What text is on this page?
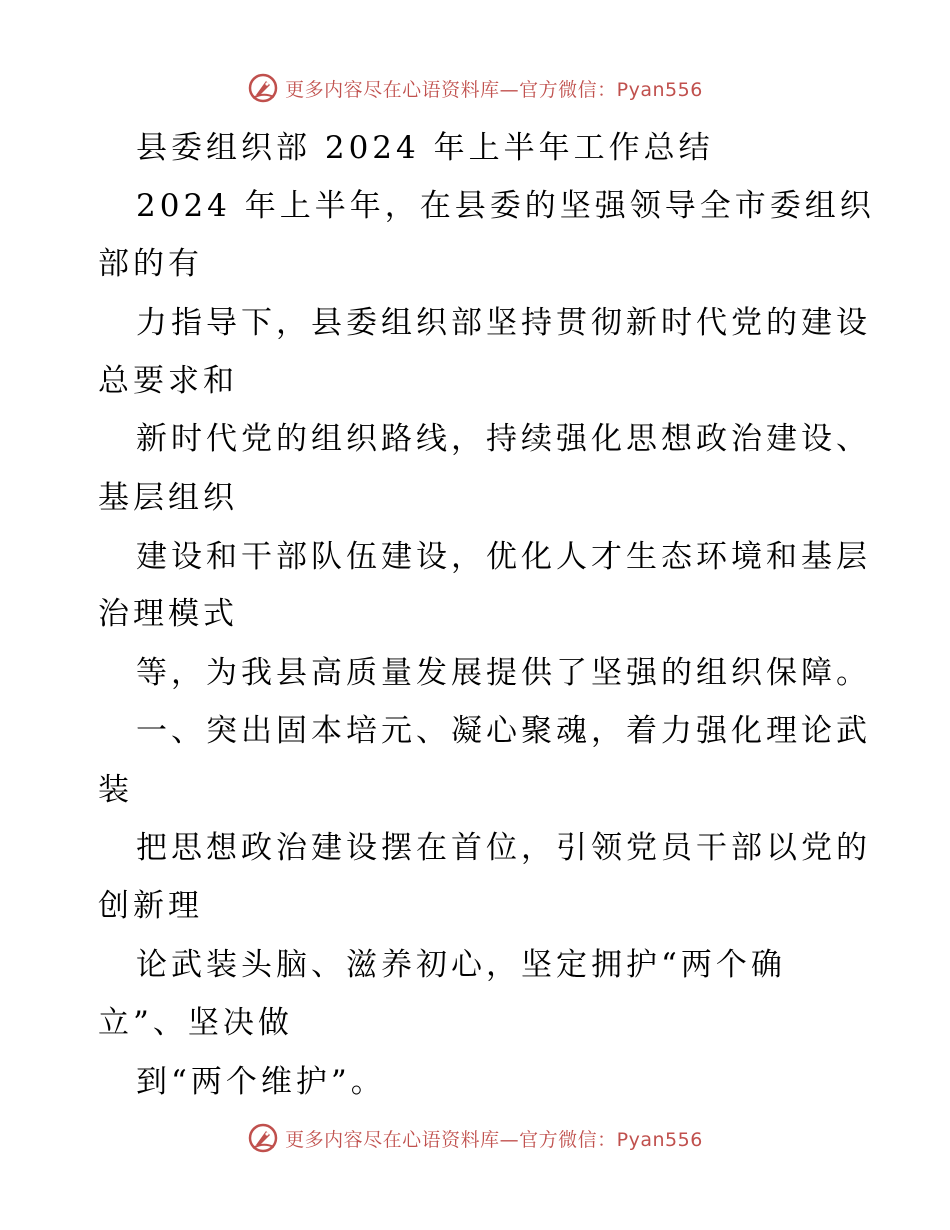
更多内容尽在心语资料库—官方微信：Pyan556
县委组织部 2024 年上半年工作总结
2024 年上半年，在县委的坚强领导全市委组织
部的有
力指导下，县委组织部坚持贯彻新时代党的建设
总要求和
新时代党的组织路线，持续强化思想政治建设、
基层组织
建设和干部队伍建设，优化人才生态环境和基层
治理模式
等，为我县高质量发展提供了坚强的组织保障。
一、突出固本培元、凝心聚魂，着力强化理论武
装
把思想政治建设摆在首位，引领党员干部以党的
创新理
论武装头脑、滋养初心，坚定拥护“两个确
立”、坚决做
到“两个维护”。
更多内容尽在心语资料库—官方微信：Pyan556
